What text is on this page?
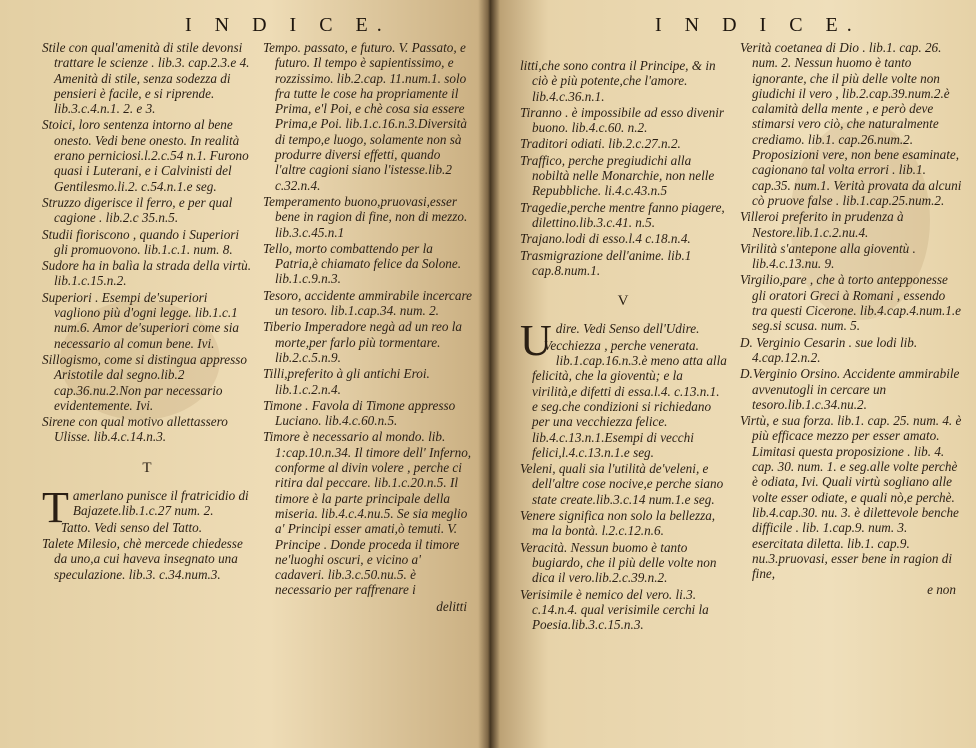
I N D I C E.
Stile con qual'amenità di stile devonsi trattare le scienze . lib.3. cap.2.3.e 4. Amenità di stile, senza sodezza di pensieri è facile, e si riprende. lib.3.c.4.n.1. 2. e 3.
Stoici, loro sentenza intorno al bene onesto. Vedi bene onesto. In realità erano perniciosi.l.2.c.54 n.1. Furono quasi i Luterani, e i Calvinisti del Gentilesmo.li.2. c.54.n.1.e seg.
Struzzo digerisce il ferro, e per qual cagione . lib.2.c 35.n.5.
Studii fioriscono , quando i Superiori gli promuovono. lib.1.c.1. num. 8.
Sudore ha in balìa la strada della virtù. lib.1.c.15.n.2.
Superiori . Esempi de'superiori vagliono più d'ogni legge. lib.1.c.1 num.6. Amor de'superiori come sia necessario al comun bene. Ivi.
Sillogismo, come si distingua appresso Aristotile dal segno.lib.2 cap.36.nu.2.Non par necessario evidentemente. Ivi.
Sirene con qual motivo allettassero Ulisse. lib.4.c.14.n.3.
T
Tamerlano punisce il fratricidio di Bajazete.lib.1.c.27 num. 2.
Tatto. Vedi senso del Tatto.
Talete Milesio, chè mercede chiedesse da uno,a cui haveva insegnato una speculazione. lib.3. c.34.num.3.
Tempo. passato, e futuro. V. Passato, e futuro. Il tempo è sapientissimo, e rozzissimo. lib.2.cap. 11.num.1. solo fra tutte le cose ha propriamente il Prima, e'l Poi, e chè cosa sia essere Prima,e Poi. lib.1.c.16.n.3.Diversità di tempo,e luogo, solamente non sà produrre diversi effetti, quando l'altre cagioni siano l'istesse.lib.2 c.32.n.4.
Temperamento buono,pruovasi,esser bene in ragion di fine, non di mezzo. lib.3.c.45.n.1
Tello, morto combattendo per la Patria,è chiamato felice da Solone. lib.1.c.9.n.3.
Tesoro, accidente ammirabile incercare un tesoro. lib.1.cap.34. num. 2.
Tiberio Imperadore negà ad un reo la morte,per farlo più tormentare. lib.2.c.5.n.9.
Tilli,preferito à gli antichi Eroi. lib.1.c.2.n.4.
Timone . Favola di Timone appresso Luciano. lib.4.c.60.n.5.
Timore è necessario al mondo. lib. 1:cap.10.n.34. Il timore dell' Inferno, conforme al divin volere , perche ci ritira dal peccare. lib.1.c.20.n.5. Il timore è la parte principale della miseria. lib.4.c.4.nu.5. Se sia meglio a' Principi esser amati,ò temuti. V. Principe . Donde proceda il timore ne'luoghi oscuri, e vicino a' cadaveri. lib.3.c.50.nu.5. è necessario per raffrenare i
delitti
I N D I C E.
litti,che sono contra il Principe, & in ciò è più potente,che l'amore. lib.4.c.36.n.1.
Tiranno . è impossibile ad esso divenir buono. lib.4.c.60. n.2.
Traditori odiati. lib.2.c.27.n.2.
Traffico, perche pregiudichi alla nobiltà nelle Monarchie, non nelle Repubbliche. li.4.c.43.n.5
Tragedie,perche mentre fanno piagere, dilettino.lib.3.c.41. n.5.
Trajano.lodi di esso.l.4 c.18.n.4.
Trasmigrazione dell'anime. lib.1 cap.8.num.1.
V
Udire. Vedi Senso dell'Udire.
Vecchiezza , perche venerata. lib.1.cap.16.n.3.è meno atta alla felicità, che la gioventù; e la virilità,e difetti di essa.l.4. c.13.n.1. e seg.che condizioni si richiedano per una vecchiezza felice. lib.4.c.13.n.1.Esempi di vecchi felici,l.4.c.13.n.1.e seg.
Veleni, quali sia l'utilità de'veleni, e dell'altre cose nocive,e perche siano state create.lib.3.c.14 num.1.e seg.
Venere significa non solo la bellezza, ma la bontà. l.2.c.12.n.6.
Veracità. Nessun buomo è tanto bugiardo, che il più delle volte non dica il vero.lib.2.c.39.n.2.
Verisimile è nemico del vero. li.3. c.14.n.4. qual verisimile cerchi la Poesia.lib.3.c.15.n.3.
Verità coetanea di Dio . lib.1. cap. 26. num. 2. Nessun huomo è tanto ignorante, che il più delle volte non giudichi il vero , lib.2.cap.39.num.2.è calamità della mente , e però deve stimarsi vero ciò, che naturalmente crediamo. lib.1. cap.26.num.2. Proposizioni vere, non bene esaminate, cagionano tal volta errori . lib.1. cap.35. num.1. Verità provata da alcuni cò pruove false . lib.1.cap.25.num.2.
Villeroi preferito in prudenza à Nestore.lib.1.c.2.nu.4.
Virilità s'antepone alla gioventù . lib.4.c.13.nu. 9.
Virgilio,pare , che à torto antepponesse gli oratori Greci à Romani , essendo tra questi Cicerone. lib.4.cap.4.num.1.e seg.si scusa. num. 5.
D. Verginio Cesarin . sue lodi lib. 4.cap.12.n.2.
D.Verginio Orsino. Accidente ammirabile avvenutogli in cercare un tesoro.lib.1.c.34.nu.2.
Virtù, e sua forza. lib.1. cap. 25. num. 4. è più efficace mezzo per esser amato. Limitasi questa proposizione . lib. 4. cap. 30. num. 1. e seg.alle volte perchè è odiata, Ivi. Quali virtù sogliano alle volte esser odiate, e quali nò,e perchè. lib.4.cap.30. nu. 3. è dilettevole benche difficile . lib. 1.cap.9. num. 3. esercitata diletta. lib.1. cap.9. nu.3.pruovasi, esser bene in ragion di fine,
e non
